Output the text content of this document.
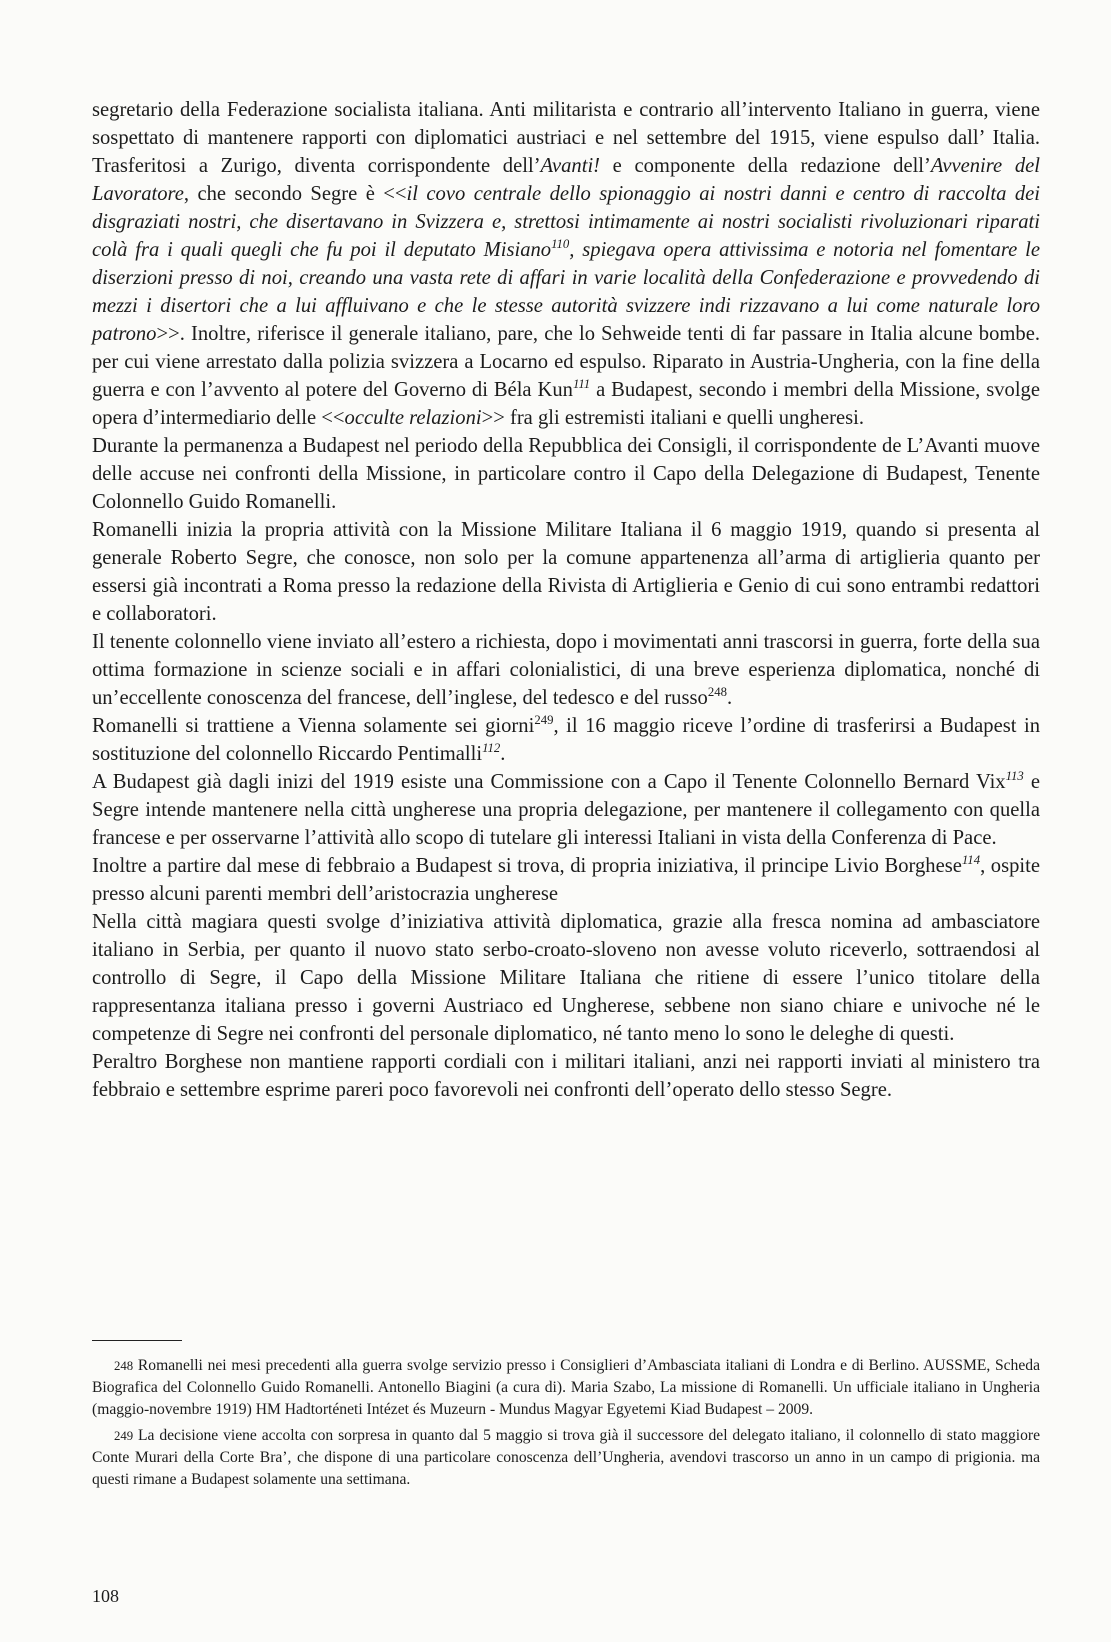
segretario della Federazione socialista italiana. Anti militarista e contrario all’intervento Italiano in guerra, viene sospettato di mantenere rapporti con diplomatici austriaci e nel settembre del 1915, viene espulso dall’ Italia. Trasferitosi a Zurigo, diventa corrispondente dell’Avanti! e componente della redazione dell’Avvenire del Lavoratore, che secondo Segre è <<il covo centrale dello spionaggio ai nostri danni e centro di raccolta dei disgraziati nostri, che disertavano in Svizzera e, strettosi intimamente ai nostri socialisti rivoluzionari riparati colà fra i quali quegli che fu poi il deputato Misiano$^{110}$, spiegava opera attivissima e notoria nel fomentare le diserzioni presso di noi, creando una vasta rete di affari in varie località della Confederazione e provvedendo di mezzi i disertori che a lui affluivano e che le stesse autorità svizzere indi rizzavano a lui come naturale loro patrono>>. Inoltre, riferisce il generale italiano, pare, che lo Sehweide tenti di far passare in Italia alcune bombe. per cui viene arrestato dalla polizia svizzera a Locarno ed espulso. Riparato in Austria-Ungheria, con la fine della guerra e con l’avvento al potere del Governo di Béla Kun$^{111}$ a Budapest, secondo i membri della Missione, svolge opera d’intermediario delle <<occulte relazioni>> fra gli estremisti italiani e quelli ungheresi.

Durante la permanenza a Budapest nel periodo della Repubblica dei Consigli, il corrispondente de L’Avanti muove delle accuse nei confronti della Missione, in particolare contro il Capo della Delegazione di Budapest, Tenente Colonnello Guido Romanelli.

Romanelli inizia la propria attività con la Missione Militare Italiana il 6 maggio 1919, quando si presenta al generale Roberto Segre, che conosce, non solo per la comune appartenenza all’arma di artiglieria quanto per essersi già incontrati a Roma presso la redazione della Rivista di Artiglieria e Genio di cui sono entrambi redattori e collaboratori.

Il tenente colonnello viene inviato all’estero a richiesta, dopo i movimentati anni trascorsi in guerra, forte della sua ottima formazione in scienze sociali e in affari colonialistici, di una breve esperienza diplomatica, nonché di un’eccellente conoscenza del francese, dell’inglese, del tedesco e del russo$^{248}$.

Romanelli si trattiene a Vienna solamente sei giorni$^{249}$, il 16 maggio riceve l’ordine di trasferirsi a Budapest in sostituzione del colonnello Riccardo Pentimalli$^{112}$.

A Budapest già dagli inizi del 1919 esiste una Commissione con a Capo il Tenente Colonnello Bernard Vix$^{113}$ e Segre intende mantenere nella città ungherese una propria delegazione, per mantenere il collegamento con quella francese e per osservarne l’attività allo scopo di tutelare gli interessi Italiani in vista della Conferenza di Pace.

Inoltre a partire dal mese di febbraio a Budapest si trova, di propria iniziativa, il principe Livio Borghese$^{114}$, ospite presso alcuni parenti membri dell’aristocrazia ungherese

Nella città magiara questi svolge d’iniziativa attività diplomatica, grazie alla fresca nomina ad ambasciatore italiano in Serbia, per quanto il nuovo stato serbo-croato-sloveno non avesse voluto riceverlo, sottraendosi al controllo di Segre, il Capo della Missione Militare Italiana che ritiene di essere l’unico titolare della rappresentanza italiana presso i governi Austriaco ed Ungherese, sebbene non siano chiare e univoche né le competenze di Segre nei confronti del personale diplomatico, né tanto meno lo sono le deleghe di questi.

Peraltro Borghese non mantiene rapporti cordiali con i militari italiani, anzi nei rapporti inviati al ministero tra febbraio e settembre esprime pareri poco favorevoli nei confronti dell’operato dello stesso Segre.

$^{248}$ Romanelli nei mesi precedenti alla guerra svolge servizio presso i Consiglieri d’Ambasciata italiani di Londra e di Berlino. AUSSME, Scheda Biografica del Colonnello Guido Romanelli. Antonello Biagini (a cura di). Maria Szabo, La missione di Romanelli. Un ufficiale italiano in Ungheria (maggio-novembre 1919) HM Hadtorténeti Intézet és Muzeurn - Mundus Magyar Egyetemi Kiad Budapest – 2009.

$^{249}$ La decisione viene accolta con sorpresa in quanto dal 5 maggio si trova già il successore del delegato italiano, il colonnello di stato maggiore Conte Murari della Corte Bra’, che dispone di una particolare conoscenza dell’Ungheria, avendovi trascorso un anno in un campo di prigionia. ma questi rimane a Budapest solamente una settimana.

108
